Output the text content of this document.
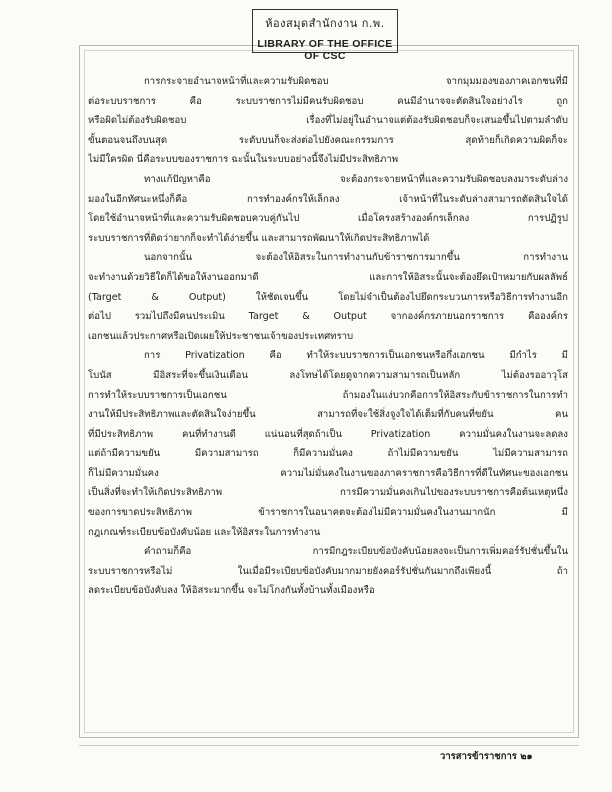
ห้องสมุดสำนักงาน ก.พ.
LIBRARY OF THE OFFICE OF CSC
การกระจายอำนาจหน้าที่และความรับผิดชอบ จากมุมมองของภาคเอกชนที่มี
ต่อระบบราชการ คือ ระบบราชการไม่มีคนรับผิดชอบ คนมีอำนาจจะตัดสินใจอย่างไร ถูก
หรือผิดไม่ต้องรับผิดชอบ เรื่องที่ไม่อยู่ในอำนาจแต่ต้องรับผิดชอบก็จะเสนอขึ้นไปตามลำดับ
ขั้นตอนจนถึงบนสุด ระดับบนก็จะส่งต่อไปยังคณะกรรมการ สุดท้ายก็เกิดความผิดก็จะ
ไม่มีใครผิด นี่คือระบบของราชการ ฉะนั้นในระบบอย่างนี้จึงไม่มีประสิทธิภาพ
ทางแก้ปัญหาคือ จะต้องกระจายหน้าที่และความรับผิดชอบลงมาระดับล่าง
มองในอีกทัศนะหนึ่งก็คือ การทำองค์กรให้เล็กลง เจ้าหน้าที่ในระดับล่างสามารถตัดสินใจได้
โดยใช้อำนาจหน้าที่และความรับผิดชอบควบคู่กันไป เมื่อโครงสร้างองค์กรเล็กลง การปฏิรูป
ระบบราชการที่ติดว่ายากก็จะทำได้ง่ายขึ้น และสามารถพัฒนาให้เกิดประสิทธิภาพได้
นอกจากนั้น จะต้องให้อิสระในการทำงานกับข้าราชการมากขึ้น การทำงาน
จะทำงานด้วยวิธีใดก็ได้ขอให้งานออกมาดี และการให้อิสระนั้นจะต้องยึดเป้าหมายกับผลลัพธ์
(Target & Output) ให้ชัดเจนขึ้น โดยไม่จำเป็นต้องไปยึดกระบวนการหรือวิธีการทำงานอีก
ต่อไป รวมไปถึงมีคนประเมิน Target & Output จากองค์กรภายนอกราชการ คือองค์กร
เอกชนแล้วประกาศหรือเปิดเผยให้ประชาชนเจ้าของประเทศทราบ
การ Privatization คือ ทำให้ระบบราชการเป็นเอกชนหรือกึ่งเอกชน มีกำไร มี
โบนัส มีอิสระที่จะขึ้นเงินเดือน ลงโทษได้โดยดูจากความสามารถเป็นหลัก ไม่ต้องรออาวุโส
การทำให้ระบบราชการเป็นเอกชน ถ้ามองในแง่บวกคือการให้อิสระกับข้าราชการในการทำ
งานให้มีประสิทธิภาพและตัดสินใจง่ายขึ้น สามารถที่จะใช้สิ่งจูงใจได้เต็มที่กับคนที่ขยัน คน
ที่มีประสิทธิภาพ คนที่ทำงานดี แน่นอนที่สุดถ้าเป็น Privatization ความมั่นคงในงานจะลดลง
แต่ถ้ามีความขยัน มีความสามารถ ก็มีความมั่นคง ถ้าไม่มีความขยัน ไม่มีความสามารถ
ก็ไม่มีความมั่นคง ความไม่มั่นคงในงานของภาคราชการคือวิธีการที่ดีในทัศนะของเอกชน
เป็นสิ่งที่จะทำให้เกิดประสิทธิภาพ การมีความมั่นคงเกินไปของระบบราชการคือต้นเหตุหนึ่ง
ของการขาดประสิทธิภาพ ข้าราชการในอนาคตจะต้องไม่มีความมั่นคงในงานมากนัก มี
กฎเกณฑ์ระเบียบข้อบังคับน้อย และให้อิสระในการทำงาน
คำถามก็คือ การมีกฎระเบียบข้อบังคับน้อยลงจะเป็นการเพิ่มคอร์รัปชั่นขึ้นใน
ระบบราชการหรือไม่ ในเมื่อมีระเบียบข้อบังคับมากมายยังคอร์รัปชั่นกันมากถึงเพียงนี้ ถ้า
ลดระเบียบข้อบังคับลง ให้อิสระมากขึ้น จะไม่โกงกันทั้งบ้านทั้งเมืองหรือ
วารสารข้าราชการ ๒๑
